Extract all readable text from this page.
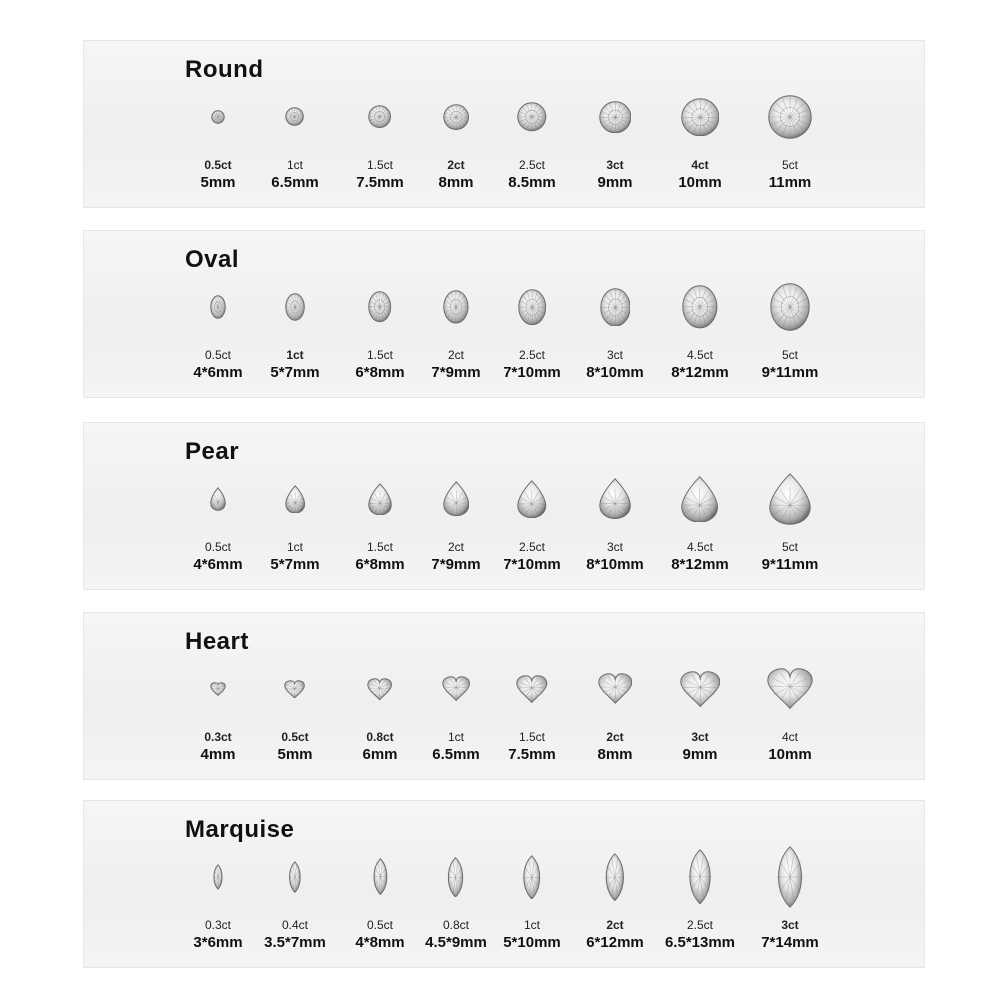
Round
0.5ct
5mm
1ct
6.5mm
1.5ct
7.5mm
2ct
8mm
2.5ct
8.5mm
3ct
9mm
4ct
10mm
5ct
11mm
Oval
0.5ct
4*6mm
1ct
5*7mm
1.5ct
6*8mm
2ct
7*9mm
2.5ct
7*10mm
3ct
8*10mm
4.5ct
8*12mm
5ct
9*11mm
Pear
0.5ct
4*6mm
1ct
5*7mm
1.5ct
6*8mm
2ct
7*9mm
2.5ct
7*10mm
3ct
8*10mm
4.5ct
8*12mm
5ct
9*11mm
Heart
0.3ct
4mm
0.5ct
5mm
0.8ct
6mm
1ct
6.5mm
1.5ct
7.5mm
2ct
8mm
3ct
9mm
4ct
10mm
Marquise
0.3ct
3*6mm
0.4ct
3.5*7mm
0.5ct
4*8mm
0.8ct
4.5*9mm
1ct
5*10mm
2ct
6*12mm
2.5ct
6.5*13mm
3ct
7*14mm
